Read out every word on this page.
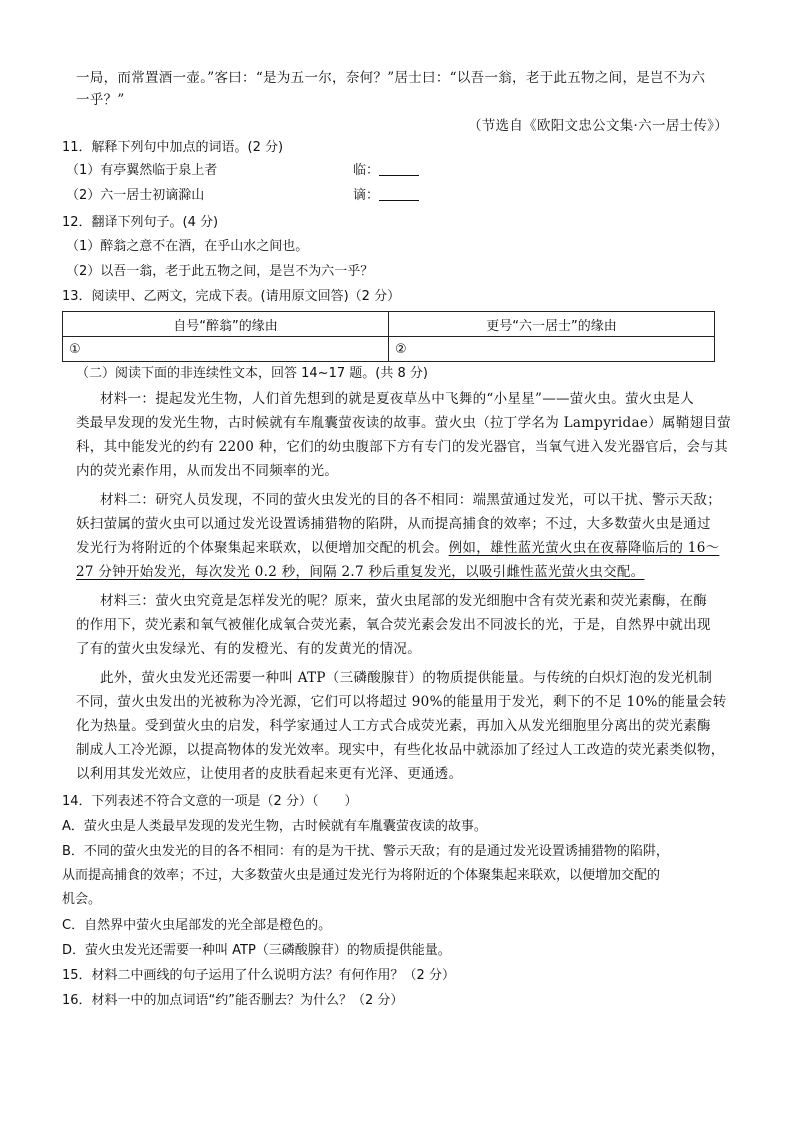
一局，而常置酒一壶。”客曰：“是为五一尔，奈何？”居士曰：“以吾一翁，老于此五物之间，是岂不为六
一乎？”
（节选自《欧阳文忠公文集·六一居士传》）
11．解释下列句中加点的词语。(2 分)
（1）有亭翼然临于泉上者	临：
（2）六一居士初谪滁山	谪：
12．翻译下列句子。(4 分)
（1）醉翁之意不在酒，在乎山水之间也。
（2）以吾一翁，老于此五物之间，是岂不为六一乎？
13．阅读甲、乙两文，完成下表。(请用原文回答)（2 分）
自号“醉翁”的缘由	更号“六一居士”的缘由
①	②
（二）阅读下面的非连续性文本，回答 14~17 题。(共 8 分)
材料一：提起发光生物，人们首先想到的就是夏夜草丛中飞舞的“小星星”——萤火虫。萤火虫是人
类最早发现的发光生物，古时候就有车胤囊萤夜读的故事。萤火虫（拉丁学名为 Lampyridae）属鞘翅目萤
科，其中能发光的约有 2200 种，它们的幼虫腹部下方有专门的发光器官，当氧气进入发光器官后，会与其
内的荧光素作用，从而发出不同频率的光。
材料二：研究人员发现，不同的萤火虫发光的目的各不相同：端黑萤通过发光，可以干扰、警示天敌；
妖扫萤属的萤火虫可以通过发光设置诱捕猎物的陷阱，从而提高捕食的效率；不过，大多数萤火虫是通过
发光行为将附近的个体聚集起来联欢，以便增加交配的机会。例如，雄性蓝光萤火虫在夜幕降临后的 16～
27 分钟开始发光，每次发光 0.2 秒，间隔 2.7 秒后重复发光，以吸引雌性蓝光萤火虫交配。
材料三：萤火虫究竟是怎样发光的呢？原来，萤火虫尾部的发光细胞中含有荧光素和荧光素酶，在酶
的作用下，荧光素和氧气被催化成氧合荧光素，氧合荧光素会发出不同波长的光，于是，自然界中就出现
了有的萤火虫发绿光、有的发橙光、有的发黄光的情况。
此外，萤火虫发光还需要一种叫 ATP（三磷酸腺苷）的物质提供能量。与传统的白炽灯泡的发光机制
不同，萤火虫发出的光被称为冷光源，它们可以将超过 90%的能量用于发光，剩下的不足 10%的能量会转
化为热量。受到萤火虫的启发，科学家通过人工方式合成荧光素，再加入从发光细胞里分离出的荧光素酶
制成人工冷光源，以提高物体的发光效率。现实中，有些化妆品中就添加了经过人工改造的荧光素类似物，
以利用其发光效应，让使用者的皮肤看起来更有光泽、更通透。
14．下列表述不符合文意的一项是（2 分）（　　）
A．萤火虫是人类最早发现的发光生物，古时候就有车胤囊萤夜读的故事。
B．不同的萤火虫发光的目的各不相同：有的是为干扰、警示天敌；有的是通过发光设置诱捕猎物的陷阱，
从而提高捕食的效率；不过，大多数萤火虫是通过发光行为将附近的个体聚集起来联欢，以便增加交配的
机会。
C．自然界中萤火虫尾部发的光全部是橙色的。
D．萤火虫发光还需要一种叫 ATP（三磷酸腺苷）的物质提供能量。
15．材料二中画线的句子运用了什么说明方法？有何作用？（2 分）
16．材料一中的加点词语“约”能否删去？为什么？（2 分）
